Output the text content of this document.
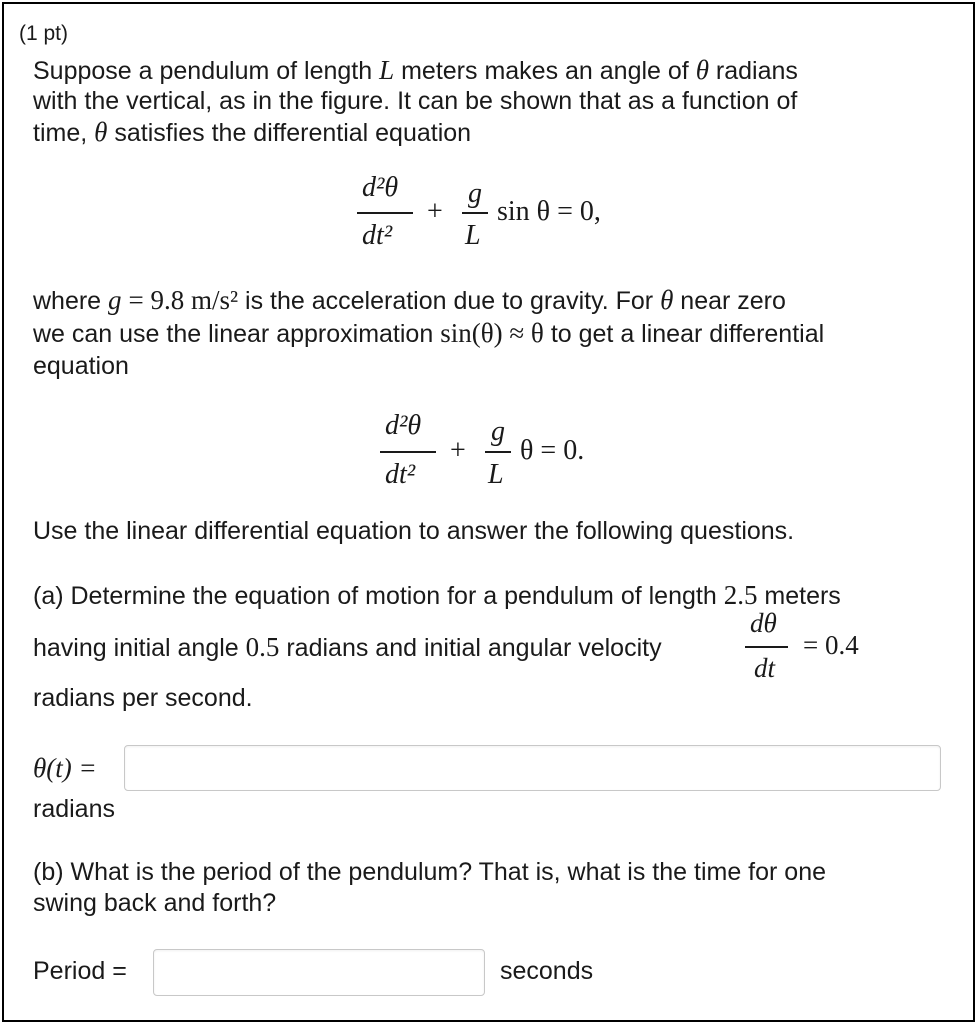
(1 pt)
Suppose a pendulum of length L meters makes an angle of θ radians
with the vertical, as in the figure. It can be shown that as a function of
time, θ satisfies the differential equation
d²θ
dt²
+
g
L
sin θ = 0,
where g = 9.8 m/s² is the acceleration due to gravity. For θ near zero
we can use the linear approximation sin(θ) ≈ θ to get a linear differential
equation
d²θ
dt²
+
g
L
θ = 0.
Use the linear differential equation to answer the following questions.
(a) Determine the equation of motion for a pendulum of length 2.5 meters
having initial angle 0.5 radians and initial angular velocity
dθ
dt
= 0.4
radians per second.
θ(t) =
radians
(b) What is the period of the pendulum? That is, what is the time for one
swing back and forth?
Period =	seconds
